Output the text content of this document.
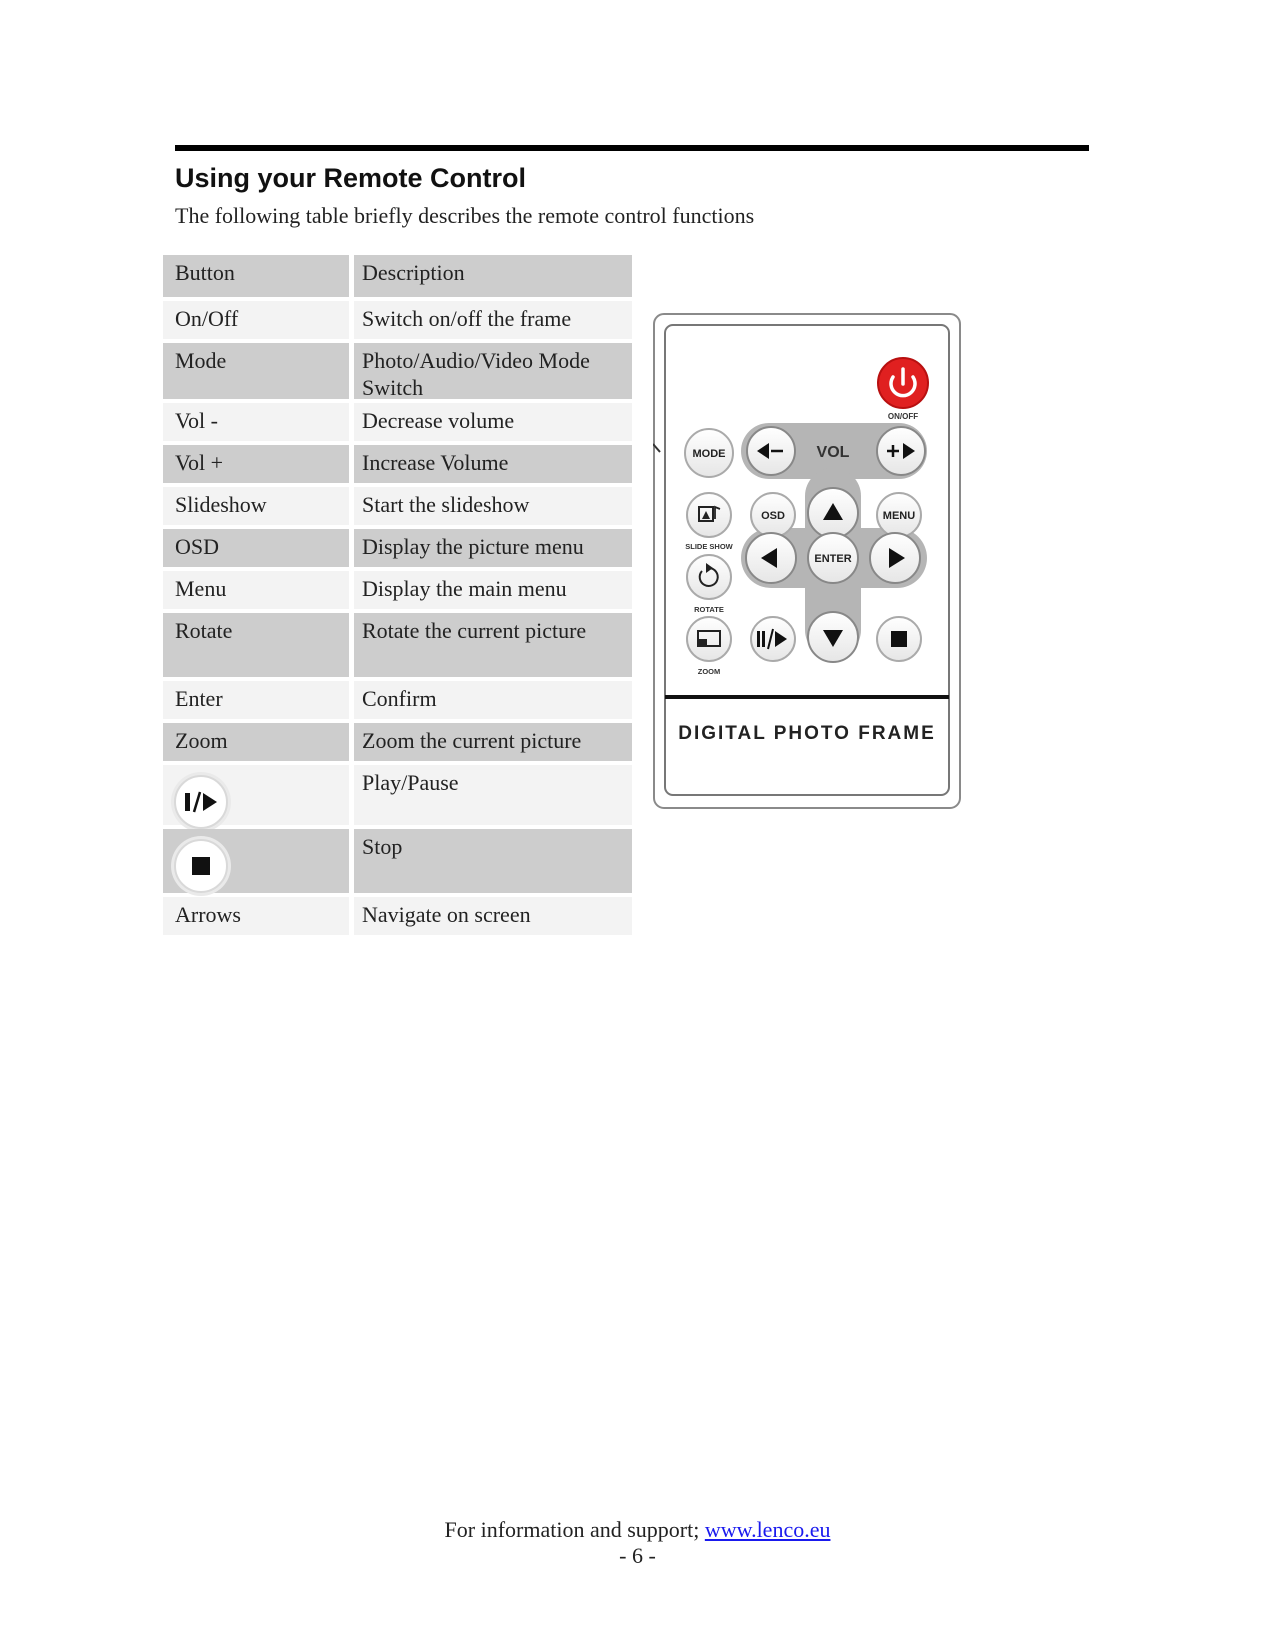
Using your Remote Control
The following table briefly describes the remote control functions
Button	Description
On/Off	Switch on/off the frame
Mode	Photo/Audio/Video Mode Switch
Vol -	Decrease volume
Vol +	Increase Volume
Slideshow	Start the slideshow
OSD	Display the picture menu
Menu	Display the main menu
Rotate	Rotate the current picture
Enter	Confirm
Zoom	Zoom the current picture
Play/Pause
Stop
Arrows	Navigate on screen
ON/OFF
MODE	VOL
SLIDE SHOW
OSD	MENU
ROTATE
ENTER
ZOOM
DIGITAL PHOTO FRAME
For information and support; www.lenco.eu
- 6 -
